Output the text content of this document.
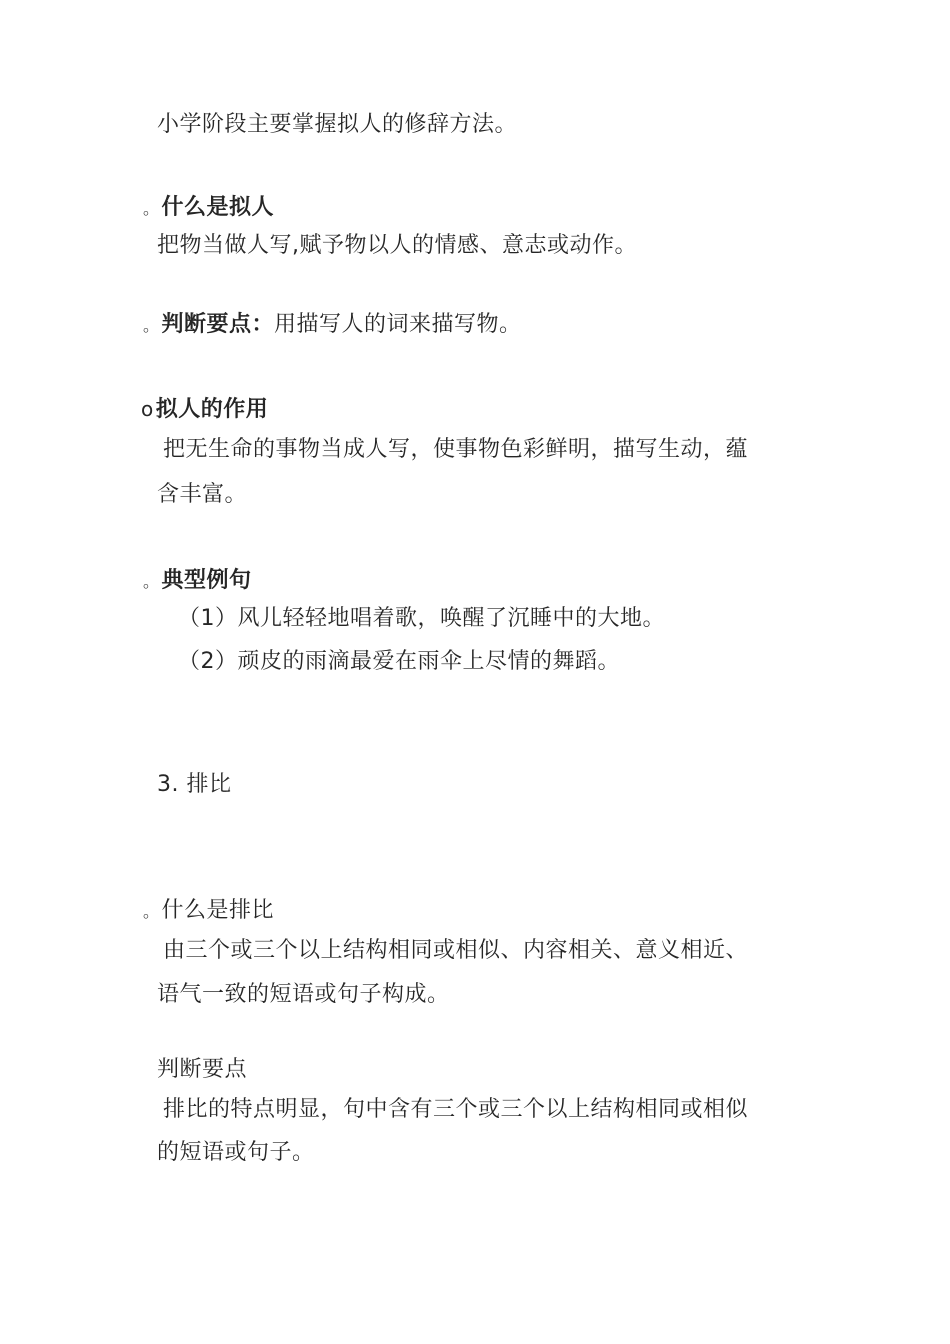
小学阶段主要掌握拟人的修辞方法。
。什么是拟人
把物当做人写,赋予物以人的情感、意志或动作。
。判断要点：用描写人的词来描写物。
o拟人的作用
把无生命的事物当成人写，使事物色彩鲜明，描写生动，蕴
含丰富。
。典型例句
（1）风儿轻轻地唱着歌，唤醒了沉睡中的大地。
（2）顽皮的雨滴最爱在雨伞上尽情的舞蹈。
3. 排比
。什么是排比
由三个或三个以上结构相同或相似、内容相关、意义相近、
语气一致的短语或句子构成。
判断要点
排比的特点明显，句中含有三个或三个以上结构相同或相似
的短语或句子。
